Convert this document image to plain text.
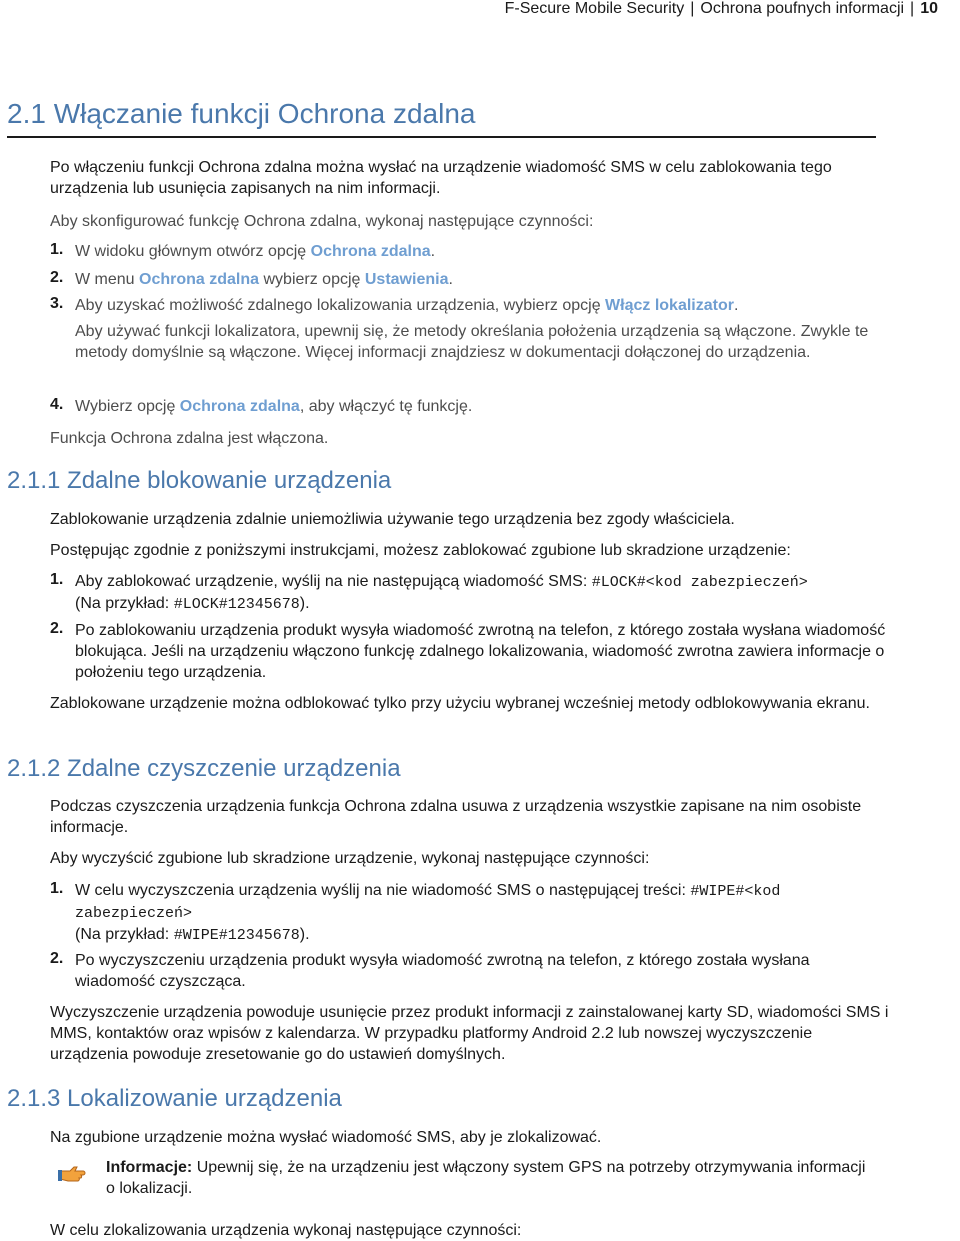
F-Secure Mobile Security | Ochrona poufnych informacji | 10
2.1 Włączanie funkcji Ochrona zdalna

Po włączeniu funkcji Ochrona zdalna można wysłać na urządzenie wiadomość SMS w celu zablokowania tego urządzenia lub usunięcia zapisanych na nim informacji.

Aby skonfigurować funkcję Ochrona zdalna, wykonaj następujące czynności:

1. W widoku głównym otwórz opcję Ochrona zdalna.

2. W menu Ochrona zdalna wybierz opcję Ustawienia.

3. Aby uzyskać możliwość zdalnego lokalizowania urządzenia, wybierz opcję Włącz lokalizator.

Aby używać funkcji lokalizatora, upewnij się, że metody określania położenia urządzenia są włączone. Zwykle te metody domyślnie są włączone. Więcej informacji znajdziesz w dokumentacji dołączonej do urządzenia.

4. Wybierz opcję Ochrona zdalna, aby włączyć tę funkcję.

Funkcja Ochrona zdalna jest włączona.

2.1.1 Zdalne blokowanie urządzenia

Zablokowanie urządzenia zdalnie uniemożliwia używanie tego urządzenia bez zgody właściciela.

Postępując zgodnie z poniższymi instrukcjami, możesz zablokować zgubione lub skradzione urządzenie:

1. Aby zablokować urządzenie, wyślij na nie następującą wiadomość SMS: #LOCK#<kod zabezpieczeń>
(Na przykład: #LOCK#12345678).

2. Po zablokowaniu urządzenia produkt wysyła wiadomość zwrotną na telefon, z którego została wysłana wiadomość blokująca. Jeśli na urządzeniu włączono funkcję zdalnego lokalizowania, wiadomość zwrotna zawiera informacje o położeniu tego urządzenia.

Zablokowane urządzenie można odblokować tylko przy użyciu wybranej wcześniej metody odblokowywania ekranu.

2.1.2 Zdalne czyszczenie urządzenia

Podczas czyszczenia urządzenia funkcja Ochrona zdalna usuwa z urządzenia wszystkie zapisane na nim osobiste informacje.

Aby wyczyścić zgubione lub skradzione urządzenie, wykonaj następujące czynności:

1. W celu wyczyszczenia urządzenia wyślij na nie wiadomość SMS o następującej treści: #WIPE#<kod zabezpieczeń>
(Na przykład: #WIPE#12345678).

2. Po wyczyszczeniu urządzenia produkt wysyła wiadomość zwrotną na telefon, z którego została wysłana wiadomość czyszcząca.

Wyczyszczenie urządzenia powoduje usunięcie przez produkt informacji z zainstalowanej karty SD, wiadomości SMS i MMS, kontaktów oraz wpisów z kalendarza. W przypadku platformy Android 2.2 lub nowszej wyczyszczenie urządzenia powoduje zresetowanie go do ustawień domyślnych.

2.1.3 Lokalizowanie urządzenia

Na zgubione urządzenie można wysłać wiadomość SMS, aby je zlokalizować.

Informacje: Upewnij się, że na urządzeniu jest włączony system GPS na potrzeby otrzymywania informacji o lokalizacji.

W celu zlokalizowania urządzenia wykonaj następujące czynności:
